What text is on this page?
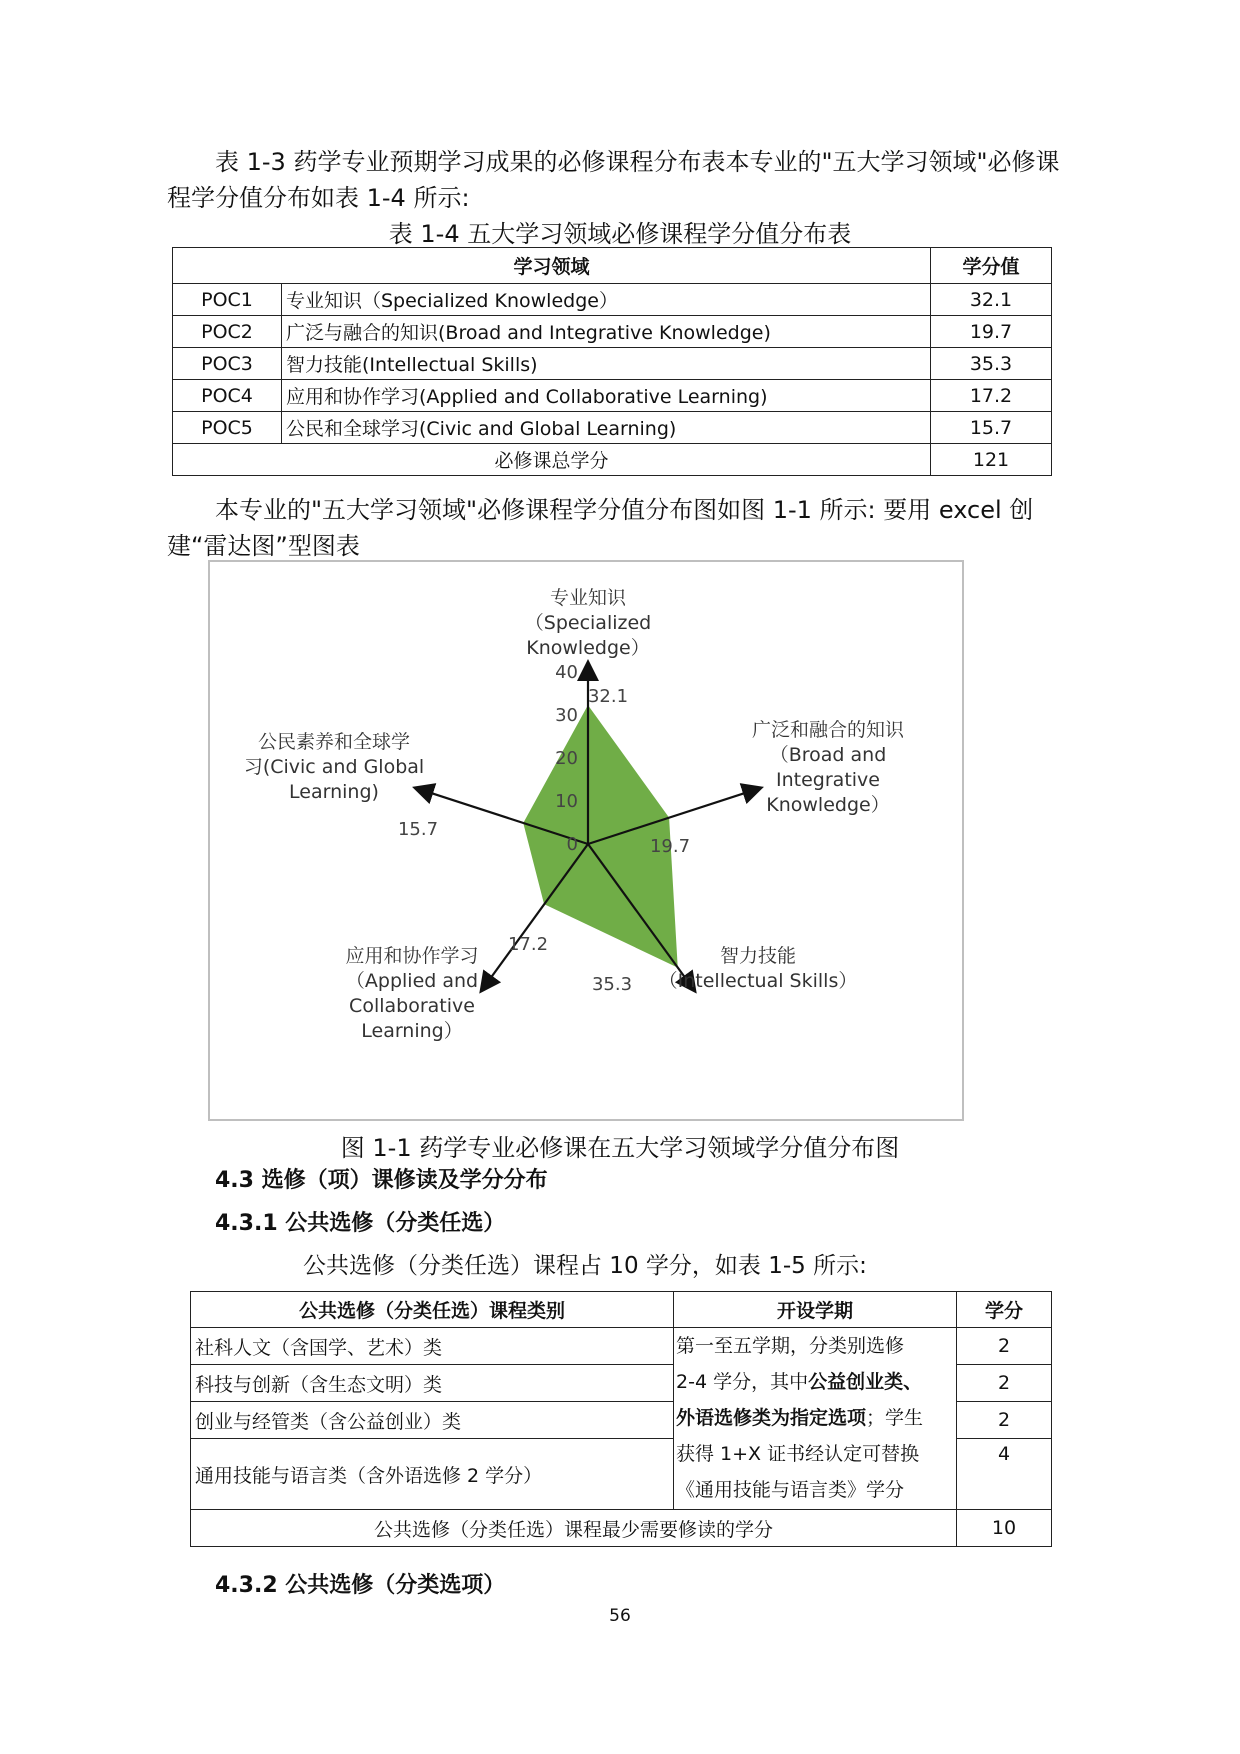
表 1-3 药学专业预期学习成果的必修课程分布表本专业的"五大学习领域"必修课程学分值分布如表 1-4 所示:
表 1-4 五大学习领域必修课程学分值分布表
学习领域		学分值
POC1	专业知识（Specialized Knowledge）	32.1
POC2	广泛与融合的知识(Broad and Integrative Knowledge)	19.7
POC3	智力技能(Intellectual Skills)	35.3
POC4	应用和协作学习(Applied and Collaborative Learning)	17.2
POC5	公民和全球学习(Civic and Global Learning)	15.7
必修课总学分		121
本专业的"五大学习领域"必修课程学分值分布图如图 1-1 所示: 要用 excel 创建“雷达图”型图表
0
10
20
30
40
32.1
19.7
35.3
17.2
15.7
专业知识
（Specialized
Knowledge）
广泛和融合的知识
（Broad and
Integrative
Knowledge）
智力技能
（Intellectual Skills）
应用和协作学习
（Applied and
Collaborative
Learning）
公民素养和全球学
习(Civic and Global
Learning)
图 1-1 药学专业必修课在五大学习领域学分值分布图
4.3 选修（项）课修读及学分分布
4.3.1 公共选修（分类任选）
公共选修（分类任选）课程占 10 学分，如表 1-5 所示:
公共选修（分类任选）课程类别	开设学期	学分
社科人文（含国学、艺术）类	第一至五学期，分类别选修
2-4 学分，其中公益创业类、
外语选修类为指定选项；学生
获得 1+X 证书经认定可替换
《通用技能与语言类》学分	2
科技与创新（含生态文明）类		2
创业与经管类（含公益创业）类		2
通用技能与语言类（含外语选修 2 学分）		4
公共选修（分类任选）课程最少需要修读的学分		10
4.3.2 公共选修（分类选项）
56
